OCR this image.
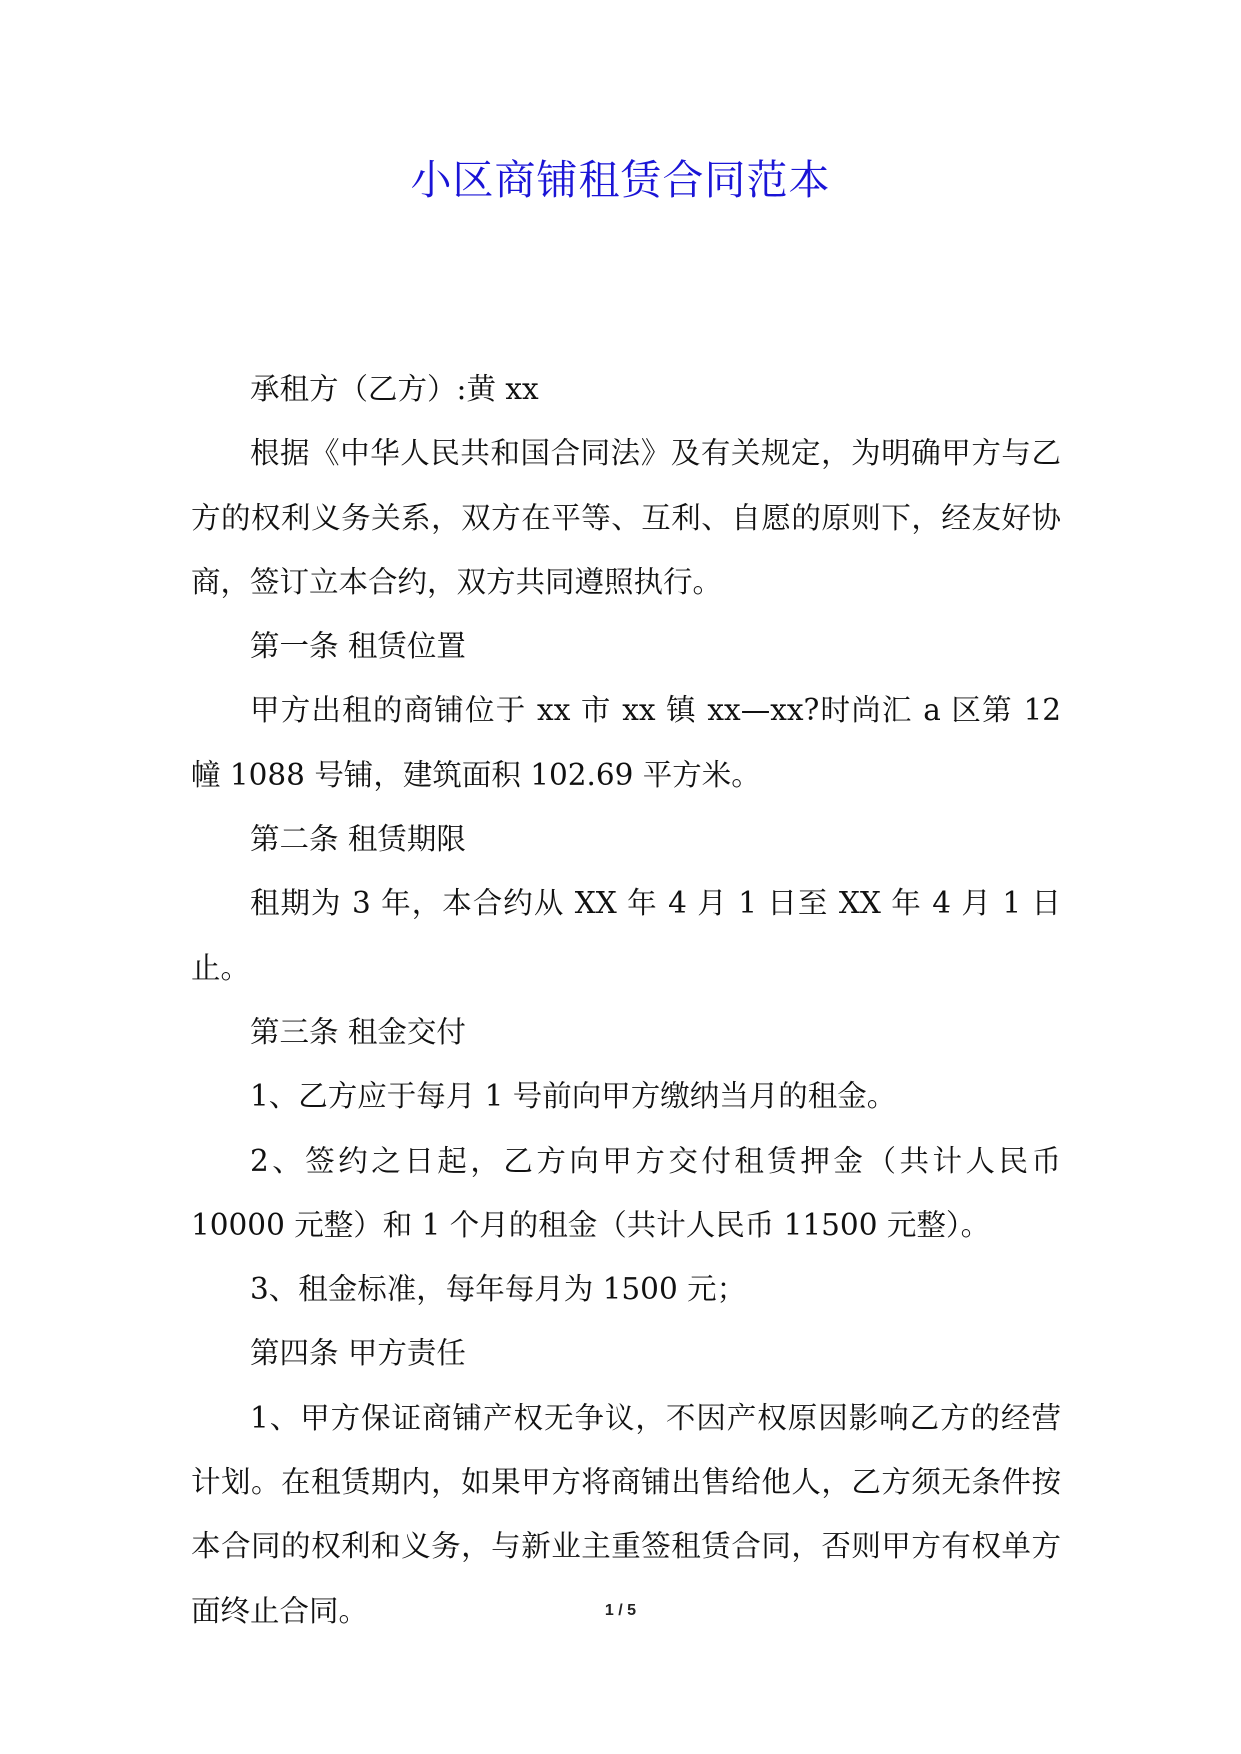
小区商铺租赁合同范本

承租方（乙方）:黄 xx

根据《中华人民共和国合同法》及有关规定，为明确甲方与乙方的权利义务关系，双方在平等、互利、自愿的原则下，经友好协商，签订立本合约，双方共同遵照执行。

第一条 租赁位置

甲方出租的商铺位于 xx 市 xx 镇 xx—xx?时尚汇 a 区第 12 幢 1088 号铺，建筑面积 102.69 平方米。

第二条 租赁期限

租期为 3 年，本合约从 XX 年 4 月 1 日至 XX 年 4 月 1 日止。

第三条 租金交付

1、乙方应于每月 1 号前向甲方缴纳当月的租金。

2、签约之日起，乙方向甲方交付租赁押金（共计人民币 10000 元整）和 1 个月的租金（共计人民币 11500 元整）。

3、租金标准，每年每月为 1500 元；

第四条 甲方责任

1、甲方保证商铺产权无争议，不因产权原因影响乙方的经营计划。在租赁期内，如果甲方将商铺出售给他人，乙方须无条件按本合同的权利和义务，与新业主重签租赁合同，否则甲方有权单方面终止合同。	1 / 5
